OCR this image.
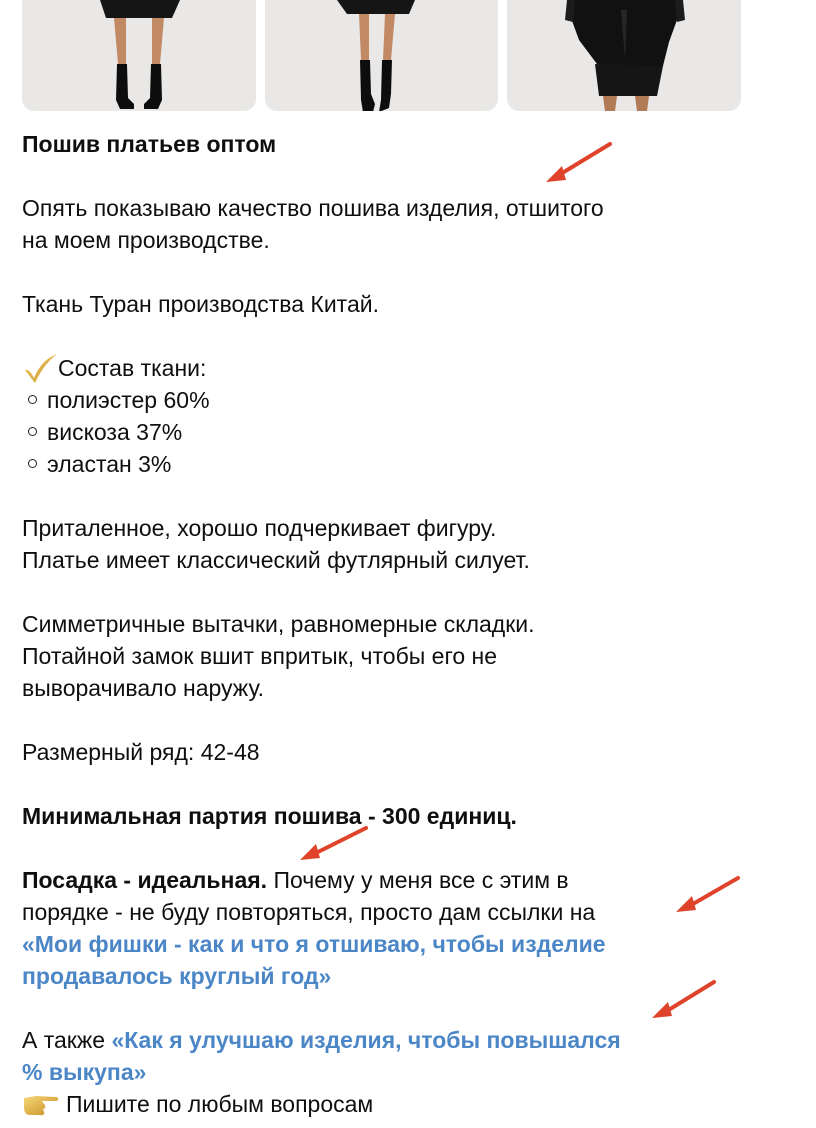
Пошив платьев оптом
Опять показываю качество пошива изделия, отшитого
на моем производстве.
Ткань Туран производства Китай.
Состав ткани:
полиэстер 60%
вискоза 37%
эластан 3%
Приталенное, хорошо подчеркивает фигуру.
Платье имеет классический футлярный силует.
Симметричные вытачки, равномерные складки.
Потайной замок вшит впритык, чтобы его не
выворачивало наружу.
Размерный ряд: 42-48
Минимальная партия пошива - 300 единиц.
Посадка - идеальная. Почему у меня все с этим в
порядке - не буду повторяться, просто дам ссылки на
«Мои фишки - как и что я отшиваю, чтобы изделие
продавалось круглый год»
А также «Как я улучшаю изделия, чтобы повышался
% выкупа»
Пишите по любым вопросам
